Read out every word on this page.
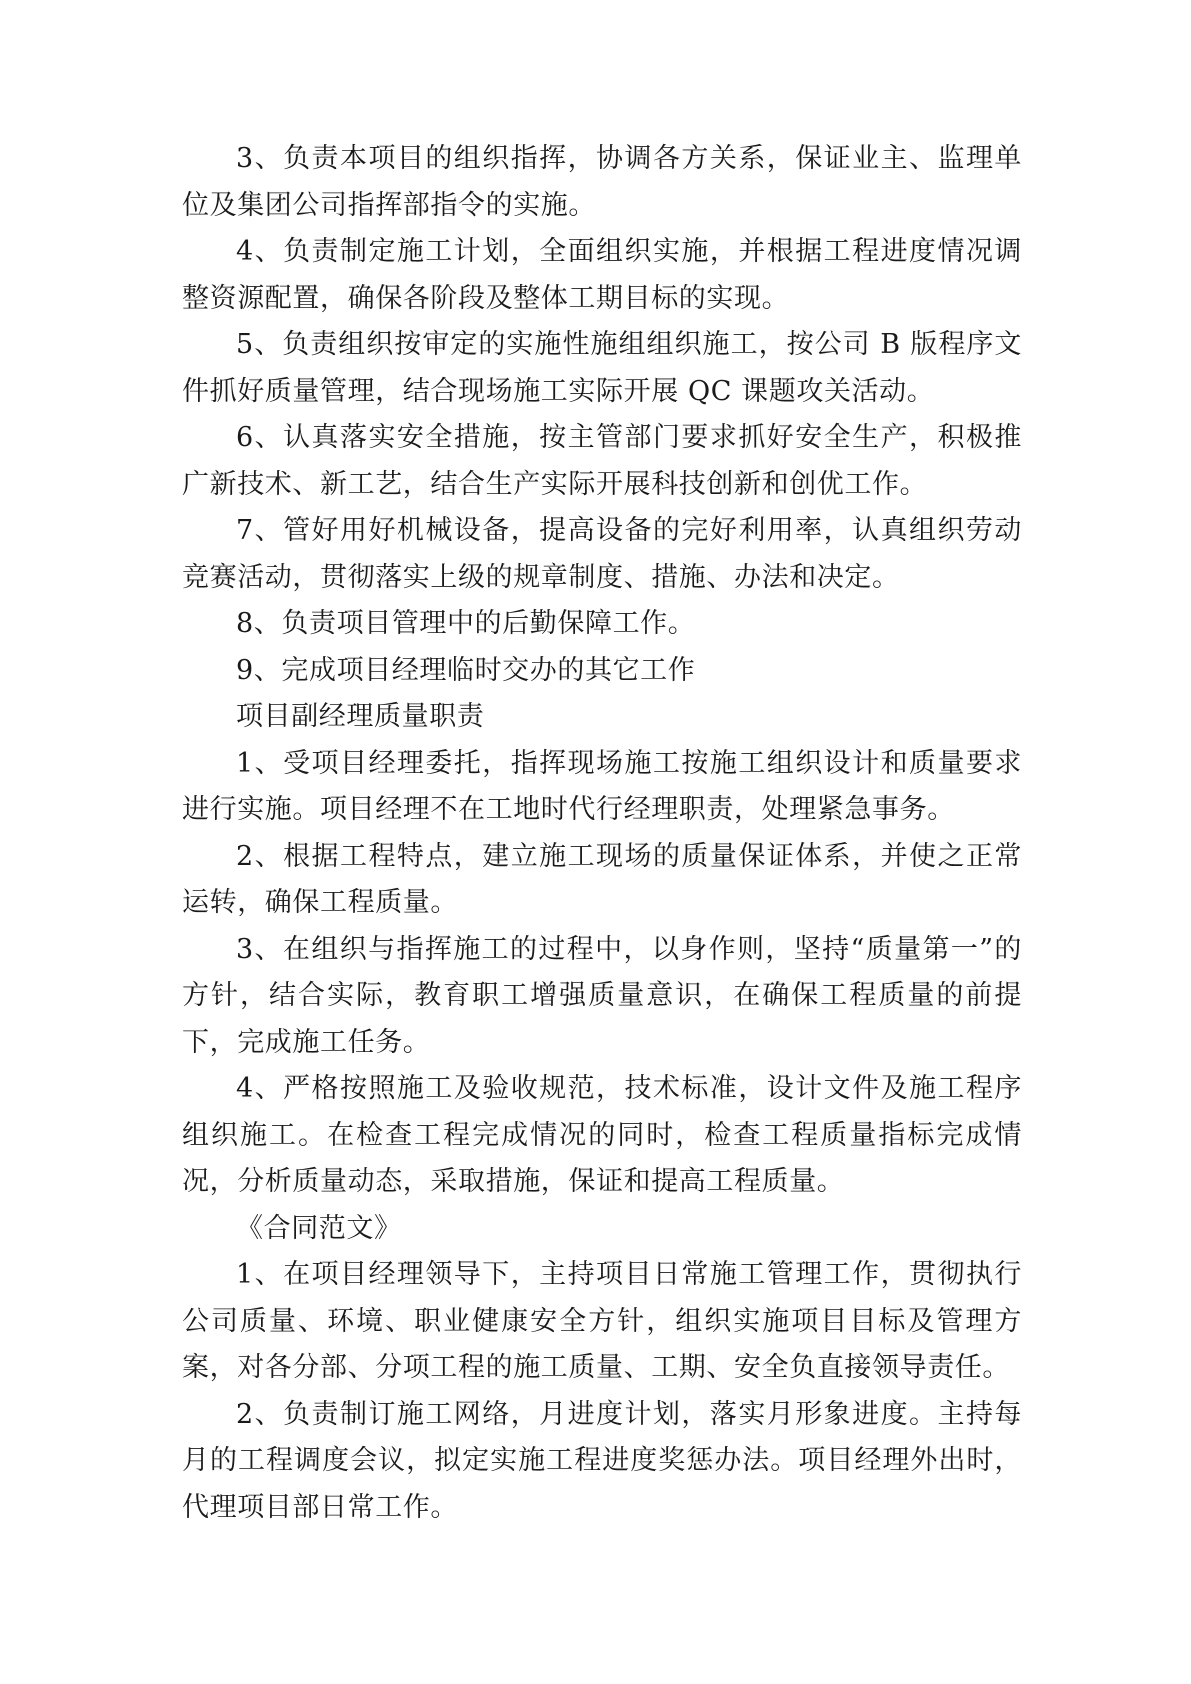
3、负责本项目的组织指挥，协调各方关系，保证业主、监理单位及集团公司指挥部指令的实施。

4、负责制定施工计划，全面组织实施，并根据工程进度情况调整资源配置，确保各阶段及整体工期目标的实现。

5、负责组织按审定的实施性施组组织施工，按公司 B 版程序文件抓好质量管理，结合现场施工实际开展 QC 课题攻关活动。

6、认真落实安全措施，按主管部门要求抓好安全生产，积极推广新技术、新工艺，结合生产实际开展科技创新和创优工作。

7、管好用好机械设备，提高设备的完好利用率，认真组织劳动竞赛活动，贯彻落实上级的规章制度、措施、办法和决定。

8、负责项目管理中的后勤保障工作。

9、完成项目经理临时交办的其它工作

项目副经理质量职责

1、受项目经理委托，指挥现场施工按施工组织设计和质量要求进行实施。项目经理不在工地时代行经理职责，处理紧急事务。

2、根据工程特点，建立施工现场的质量保证体系，并使之正常运转，确保工程质量。

3、在组织与指挥施工的过程中，以身作则，坚持“质量第一”的方针，结合实际，教育职工增强质量意识，在确保工程质量的前提下，完成施工任务。

4、严格按照施工及验收规范，技术标准，设计文件及施工程序组织施工。在检查工程完成情况的同时，检查工程质量指标完成情况，分析质量动态，采取措施，保证和提高工程质量。

《合同范文》

1、在项目经理领导下，主持项目日常施工管理工作，贯彻执行公司质量、环境、职业健康安全方针，组织实施项目目标及管理方案，对各分部、分项工程的施工质量、工期、安全负直接领导责任。

2、负责制订施工网络，月进度计划，落实月形象进度。主持每月的工程调度会议，拟定实施工程进度奖惩办法。项目经理外出时，代理项目部日常工作。
